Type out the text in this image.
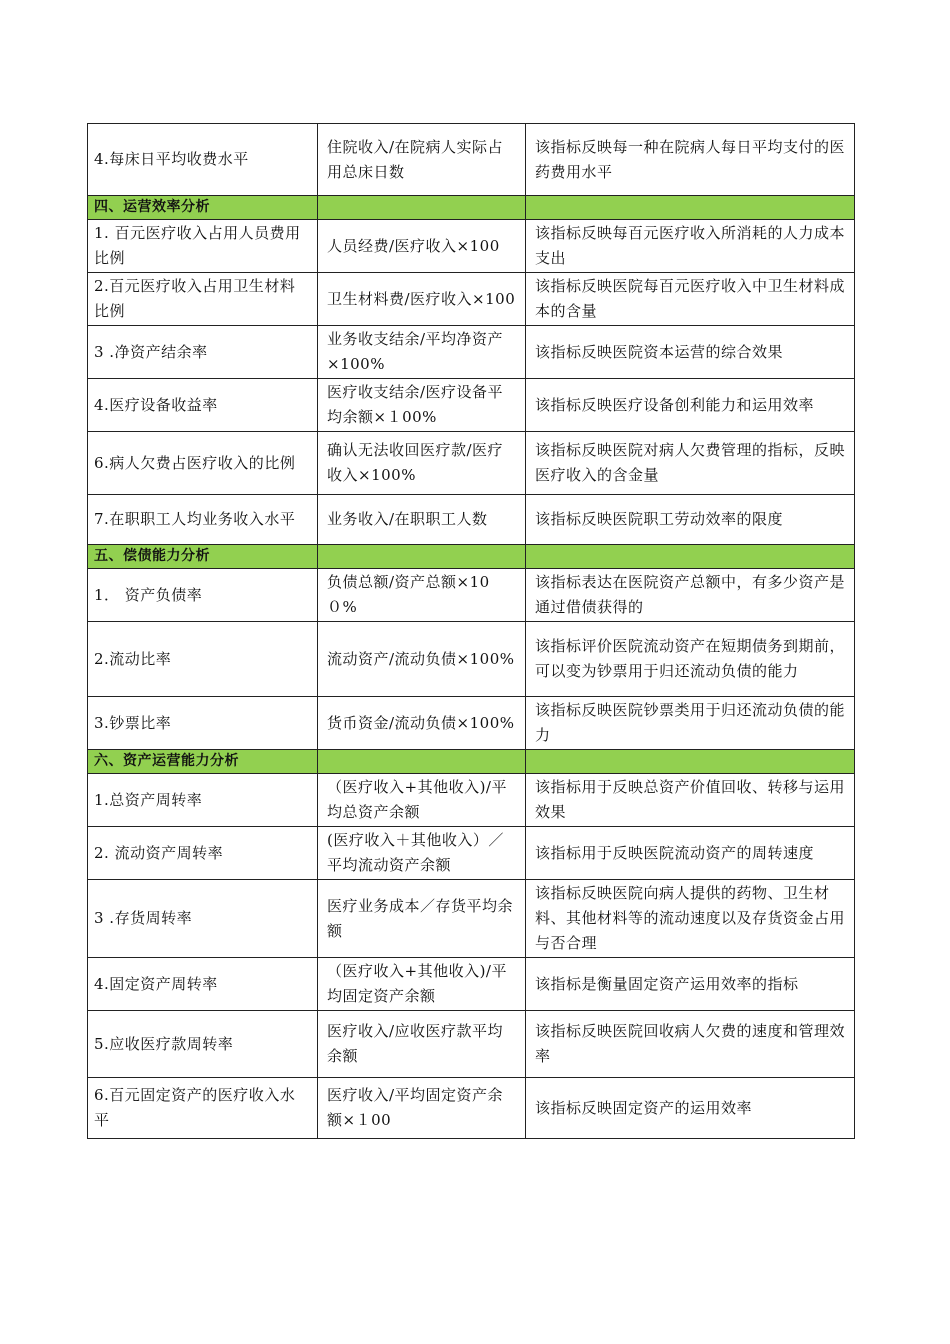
4.每床日平均收费水平	住院收入/在院病人实际占用总床日数	该指标反映每一种在院病人每日平均支付的医药费用水平
四、运营效率分析		
1. 百元医疗收入占用人员费用比例	人员经费/医疗收入×100	该指标反映每百元医疗收入所消耗的人力成本支出
2.百元医疗收入占用卫生材料比例	卫生材料费/医疗收入×100	该指标反映医院每百元医疗收入中卫生材料成本的含量
3 .净资产结余率	业务收支结余/平均净资产×100%	该指标反映医院资本运营的综合效果
4.医疗设备收益率	医疗收支结余/医疗设备平均余额×１00%	该指标反映医疗设备创利能力和运用效率
6.病人欠费占医疗收入的比例	确认无法收回医疗款/医疗收入×100%	该指标反映医院对病人欠费管理的指标，反映医疗收入的含金量
7.在职职工人均业务收入水平	业务收入/在职职工人数	该指标反映医院职工劳动效率的限度
五、偿债能力分析		
1． 资产负债率	负债总额/资产总额×10０%	该指标表达在医院资产总额中，有多少资产是通过借债获得的
2.流动比率	流动资产/流动负债×100%	该指标评价医院流动资产在短期债务到期前，可以变为钞票用于归还流动负债的能力
3.钞票比率	货币资金/流动负债×100%	该指标反映医院钞票类用于归还流动负债的能力
六、资产运营能力分析		
1.总资产周转率	（医疗收入+其他收入)/平均总资产余额	该指标用于反映总资产价值回收、转移与运用效果
2. 流动资产周转率	(医疗收入＋其他收入）／平均流动资产余额	该指标用于反映医院流动资产的周转速度
3 .存货周转率	医疗业务成本／存货平均余额	该指标反映医院向病人提供的药物、卫生材料、其他材料等的流动速度以及存货资金占用与否合理
4.固定资产周转率	（医疗收入+其他收入)/平均固定资产余额	该指标是衡量固定资产运用效率的指标
5.应收医疗款周转率	医疗收入/应收医疗款平均余额	该指标反映医院回收病人欠费的速度和管理效率
6.百元固定资产的医疗收入水平	医疗收入/平均固定资产余额×１00	该指标反映固定资产的运用效率
